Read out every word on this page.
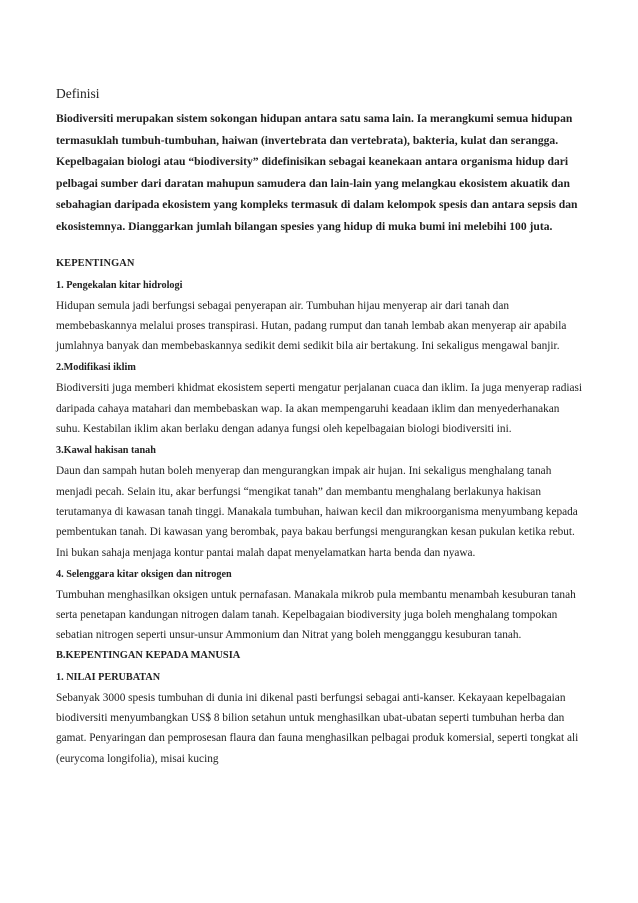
Definisi

Biodiversiti merupakan sistem sokongan hidupan antara satu sama lain. Ia merangkumi semua hidupan termasuklah tumbuh-tumbuhan, haiwan (invertebrata dan vertebrata), bakteria, kulat dan serangga. Kepelbagaian biologi atau “biodiversity” didefinisikan sebagai keanekaan antara organisma hidup dari pelbagai sumber dari daratan mahupun samudera dan lain-lain yang melangkau ekosistem akuatik dan sebahagian daripada ekosistem yang kompleks termasuk di dalam kelompok spesis dan antara sepsis dan ekosistemnya. Dianggarkan jumlah bilangan spesies yang hidup di muka bumi ini melebihi 100 juta.

KEPENTINGAN
1. Pengekalan kitar hidrologi

Hidupan semula jadi berfungsi sebagai penyerapan air. Tumbuhan hijau menyerap air dari tanah dan membebaskannya melalui proses transpirasi. Hutan, padang rumput dan tanah lembab akan menyerap air apabila jumlahnya banyak dan membebaskannya sedikit demi sedikit bila air bertakung. Ini sekaligus mengawal banjir.

2.Modifikasi iklim

Biodiversiti juga memberi khidmat ekosistem seperti mengatur perjalanan cuaca dan iklim. Ia juga menyerap radiasi daripada cahaya matahari dan membebaskan wap. Ia akan mempengaruhi keadaan iklim dan menyederhanakan suhu. Kestabilan iklim akan berlaku dengan adanya fungsi oleh kepelbagaian biologi biodiversiti ini.

3.Kawal hakisan tanah

Daun dan sampah hutan boleh menyerap dan mengurangkan impak air hujan. Ini sekaligus menghalang tanah menjadi pecah. Selain itu, akar berfungsi “mengikat tanah” dan membantu menghalang berlakunya hakisan terutamanya di kawasan tanah tinggi. Manakala tumbuhan, haiwan kecil dan mikroorganisma menyumbang kepada pembentukan tanah. Di kawasan yang berombak, paya bakau berfungsi mengurangkan kesan pukulan ketika rebut. Ini bukan sahaja menjaga kontur pantai malah dapat menyelamatkan harta benda dan nyawa.

4. Selenggara kitar oksigen dan nitrogen

Tumbuhan menghasilkan oksigen untuk pernafasan. Manakala mikrob pula membantu menambah kesuburan tanah serta penetapan kandungan nitrogen dalam tanah. Kepelbagaian biodiversity juga boleh menghalang tompokan sebatian nitrogen seperti unsur-unsur Ammonium dan Nitrat yang boleh mengganggu kesuburan tanah.

B.KEPENTINGAN KEPADA MANUSIA
1. NILAI PERUBATAN

Sebanyak 3000 spesis tumbuhan di dunia ini dikenal pasti berfungsi sebagai anti-kanser. Kekayaan kepelbagaian biodiversiti menyumbangkan US$ 8 bilion setahun untuk menghasilkan ubat-ubatan seperti tumbuhan herba dan gamat. Penyaringan dan pemprosesan flaura dan fauna menghasilkan pelbagai produk komersial, seperti tongkat ali (eurycoma longifolia), misai kucing
